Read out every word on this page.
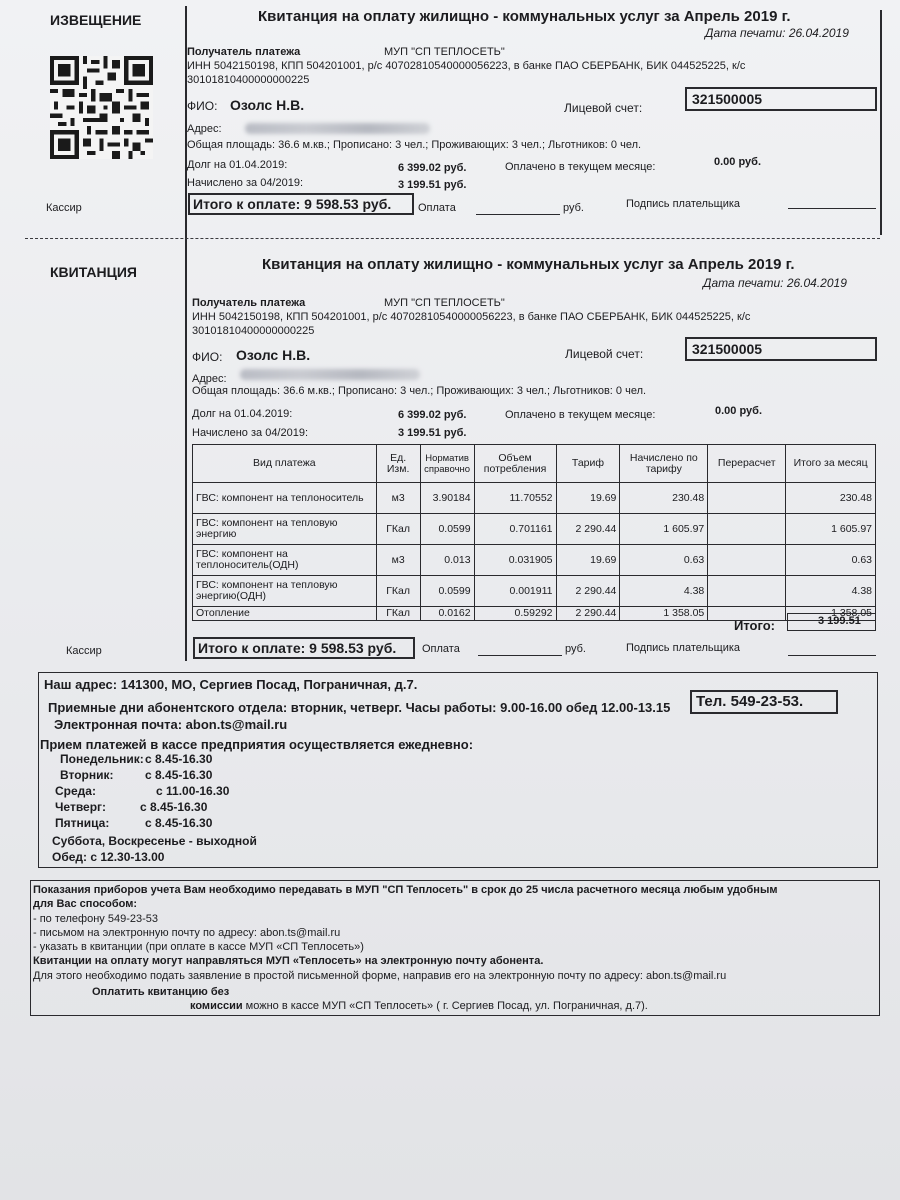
ИЗВЕЩЕНИЕ	Квитанция на оплату жилищно - коммунальных услуг за Апрель 2019 г.
Дата печати: 26.04.2019
Получатель платежа	МУП "СП ТЕПЛОСЕТЬ"
ИНН 5042150198, КПП 504201001, р/с 40702810540000056223, в банке ПАО СБЕРБАНК, БИК 044525225, к/с
30101810400000000225
ФИО: Озолс Н.В.	Лицевой счет:
321500005
Адрес:
Общая площадь: 36.6 м.кв.; Прописано: 3 чел.; Проживающих: 3 чел.; Льготников: 0 чел.
Долг на 01.04.2019:	6 399.02 руб.	Оплачено в текущем месяце:	0.00 руб.
Начислено за 04/2019:	3 199.51 руб.
Кассир	Итого к оплате: 9 598.53 руб. Оплата	руб.	Подпись плательщика
КВИТАНЦИЯ	Квитанция на оплату жилищно - коммунальных услуг за Апрель 2019 г.
Дата печати: 26.04.2019
Получатель платежа	МУП "СП ТЕПЛОСЕТЬ"
ИНН 5042150198, КПП 504201001, р/с 40702810540000056223, в банке ПАО СБЕРБАНК, БИК 044525225, к/с
30101810400000000225
ФИО: Озолс Н.В.	Лицевой счет:	321500005
Адрес:
Общая площадь: 36.6 м.кв.; Прописано: 3 чел.; Проживающих: 3 чел.; Льготников: 0 чел.
Долг на 01.04.2019:	6 399.02 руб.	Оплачено в текущем месяце:	0.00 руб.
Начислено за 04/2019:	3 199.51 руб.
Вид платежа	Ед. Изм.	Норматив справочно	Объем потребления	Тариф	Начислено по тарифу	Перерасчет	Итого за месяц
ГВС: компонент на теплоноситель	м3	3.90184	11.70552	19.69	230.48		230.48
ГВС: компонент на тепловую энергию	ГКал	0.0599	0.701161	2 290.44	1 605.97		1 605.97
ГВС: компонент на теплоноситель(ОДН)	м3	0.013	0.031905	19.69	0.63		0.63
ГВС: компонент на тепловую энергию(ОДН)	ГКал	0.0599	0.001911	2 290.44	4.38		4.38
Отопление	ГКал	0.0162	0.59292	2 290.44	1 358.05		1 358.05
Итого:	3 199.51
Кассир	Итого к оплате: 9 598.53 руб. Оплата	руб.	Подпись плательщика
Наш адрес: 141300, МО, Сергиев Посад, Пограничная, д.7.
Приемные дни абонентского отдела: вторник, четверг. Часы работы: 9.00-16.00 обед 12.00-13.15 Тел. 549-23-53.
Электронная почта: abon.ts@mail.ru
Прием платежей в кассе предприятия осуществляется ежедневно:
Понедельник: с 8.45-16.30
Вторник:	с 8.45-16.30
Среда:	с 11.00-16.30
Четверг:	с 8.45-16.30
Пятница:	с 8.45-16.30
Суббота, Воскресенье - выходной
Обед: с 12.30-13.00
Показания приборов учета Вам необходимо передавать в МУП "СП Теплосеть" в срок до 25 числа расчетного месяца любым удобным
для Вас способом:
- по телефону 549-23-53
- письмом на электронную почту по адресу: abon.ts@mail.ru
- указать в квитанции (при оплате в кассе МУП «СП Теплосеть»)
Квитанции на оплату могут направляться МУП «Теплосеть» на электронную почту абонента.
Для этого необходимо подать заявление в простой письменной форме, направив его на электронную почту по адресу: abon.ts@mail.ru
Оплатить квитанцию без
комиссии можно в кассе МУП «СП Теплосеть» ( г. Сергиев Посад, ул. Пограничная, д.7).
